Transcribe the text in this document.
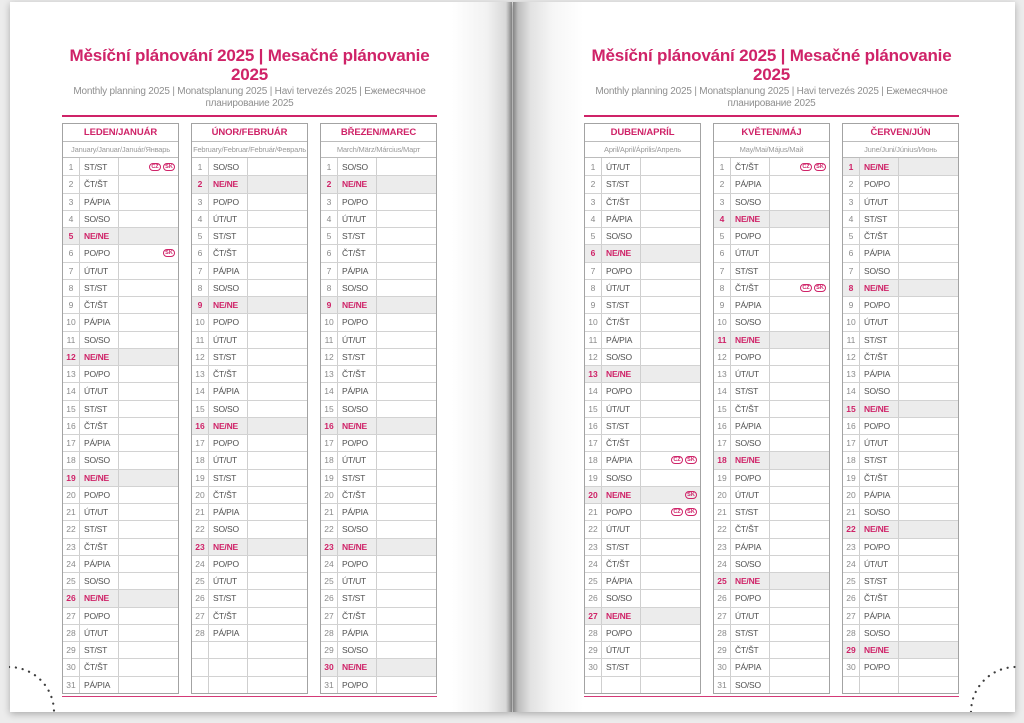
Měsíční plánování 2025 | Mesačné plánovanie 2025
Monthly planning 2025 | Monatsplanung 2025 | Havi tervezés 2025 | Ежемесячное планирование 2025
LEDEN/JANUÁR
January/Januar/Január/Январь
1	ST/ST	CZ	SK
2	ČT/ŠT
3	PÁ/PIA
4	SO/SO
5	NE/NE
6	PO/PO	SK
7	ÚT/UT
8	ST/ST
9	ČT/ŠT
10 PÁ/PIA
11	SO/SO
12 NE/NE
13 PO/PO
14 ÚT/UT
15 ST/ST
16 ČT/ŠT
17 PÁ/PIA
18 SO/SO
19 NE/NE
20 PO/PO
21 ÚT/UT
22 ST/ST
23 ČT/ŠT
24 PÁ/PIA
25 SO/SO
26 NE/NE
27 PO/PO
28 ÚT/UT
29 ST/ST
30 ČT/ŠT
31 PÁ/PIA
ÚNOR/FEBRUÁR
February/Februar/Február/Февраль
1	SO/SO
2	NE/NE
3	PO/PO
4	ÚT/UT
5	ST/ST
6	ČT/ŠT
7	PÁ/PIA
8	SO/SO
9	NE/NE
10 PO/PO
11	ÚT/UT
12 ST/ST
13 ČT/ŠT
14 PÁ/PIA
15 SO/SO
16 NE/NE
17 PO/PO
18 ÚT/UT
19 ST/ST
20 ČT/ŠT
21 PÁ/PIA
22 SO/SO
23 NE/NE
24 PO/PO
25 ÚT/UT
26 ST/ST
27 ČT/ŠT
28 PÁ/PIA
BŘEZEN/MAREC
March/März/Március/Март
1	SO/SO
2	NE/NE
3	PO/PO
4	ÚT/UT
5	ST/ST
6	ČT/ŠT
7	PÁ/PIA
8	SO/SO
9	NE/NE
10 PO/PO
11	ÚT/UT
12 ST/ST
13 ČT/ŠT
14 PÁ/PIA
15 SO/SO
16 NE/NE
17 PO/PO
18 ÚT/UT
19 ST/ST
20 ČT/ŠT
21 PÁ/PIA
22 SO/SO
23 NE/NE
24 PO/PO
25 ÚT/UT
26 ST/ST
27 ČT/ŠT
28 PÁ/PIA
29 SO/SO
30 NE/NE
31 PO/PO
Měsíční plánování 2025 | Mesačné plánovanie 2025
Monthly planning 2025 | Monatsplanung 2025 | Havi tervezés 2025 | Ежемесячное планирование 2025
DUBEN/APRÍL
April/April/Április/Апрель
1	ÚT/UT
2	ST/ST
3	ČT/ŠT
4	PÁ/PIA
5	SO/SO
6	NE/NE
7	PO/PO
8	ÚT/UT
9	ST/ST
10 ČT/ŠT
11	PÁ/PIA
12 SO/SO
13 NE/NE
14 PO/PO
15 ÚT/UT
16 ST/ST
17 ČT/ŠT
18 PÁ/PIA	CZ	SK
19 SO/SO
20 NE/NE	SK
21 PO/PO	CZ	SK
22 ÚT/UT
23 ST/ST
24 ČT/ŠT
25 PÁ/PIA
26 SO/SO
27 NE/NE
28 PO/PO
29 ÚT/UT
30 ST/ST
KVĚTEN/MÁJ
May/Mai/Május/Май
1	ČT/ŠT	CZ	SK
2	PÁ/PIA
3	SO/SO
4	NE/NE
5	PO/PO
6	ÚT/UT
7	ST/ST
8	ČT/ŠT	CZ	SK
9	PÁ/PIA
10 SO/SO
11	NE/NE
12 PO/PO
13 ÚT/UT
14 ST/ST
15 ČT/ŠT
16 PÁ/PIA
17 SO/SO
18 NE/NE
19 PO/PO
20 ÚT/UT
21 ST/ST
22 ČT/ŠT
23 PÁ/PIA
24 SO/SO
25 NE/NE
26 PO/PO
27 ÚT/UT
28 ST/ST
29 ČT/ŠT
30 PÁ/PIA
31 SO/SO
ČERVEN/JÚN
June/Juni/Június/Июнь
1	NE/NE
2	PO/PO
3	ÚT/UT
4	ST/ST
5	ČT/ŠT
6	PÁ/PIA
7	SO/SO
8	NE/NE
9	PO/PO
10 ÚT/UT
11	ST/ST
12 ČT/ŠT
13 PÁ/PIA
14 SO/SO
15 NE/NE
16 PO/PO
17 ÚT/UT
18 ST/ST
19 ČT/ŠT
20 PÁ/PIA
21 SO/SO
22 NE/NE
23 PO/PO
24 ÚT/UT
25 ST/ST
26 ČT/ŠT
27 PÁ/PIA
28 SO/SO
29 NE/NE
30 PO/PO
